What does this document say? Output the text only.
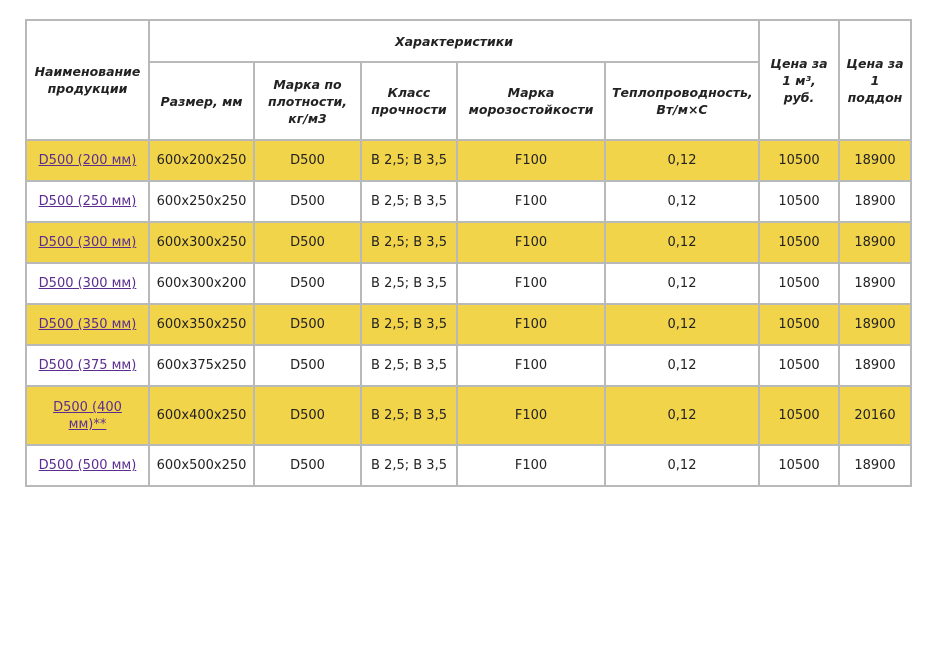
Наименование продукции	Характеристики					Цена за 1 м³, руб.	Цена за 1 поддон
	Размер, мм	Марка по плотности, кг/м3	Класс прочности	Марка морозостойкости	Теплопроводность, Вт/м×С		
D500 (200 мм)	600х200х250	D500	В 2,5; В 3,5	F100	0,12	10500	18900
D500 (250 мм)	600х250х250	D500	В 2,5; В 3,5	F100	0,12	10500	18900
D500 (300 мм)	600х300х250	D500	В 2,5; В 3,5	F100	0,12	10500	18900
D500 (300 мм)	600х300х200	D500	В 2,5; В 3,5	F100	0,12	10500	18900
D500 (350 мм)	600х350х250	D500	В 2,5; В 3,5	F100	0,12	10500	18900
D500 (375 мм)	600х375х250	D500	В 2,5; В 3,5	F100	0,12	10500	18900
D500 (400 мм)**	600х400х250	D500	В 2,5; В 3,5	F100	0,12	10500	20160
D500 (500 мм)	600х500х250	D500	В 2,5; В 3,5	F100	0,12	10500	18900
